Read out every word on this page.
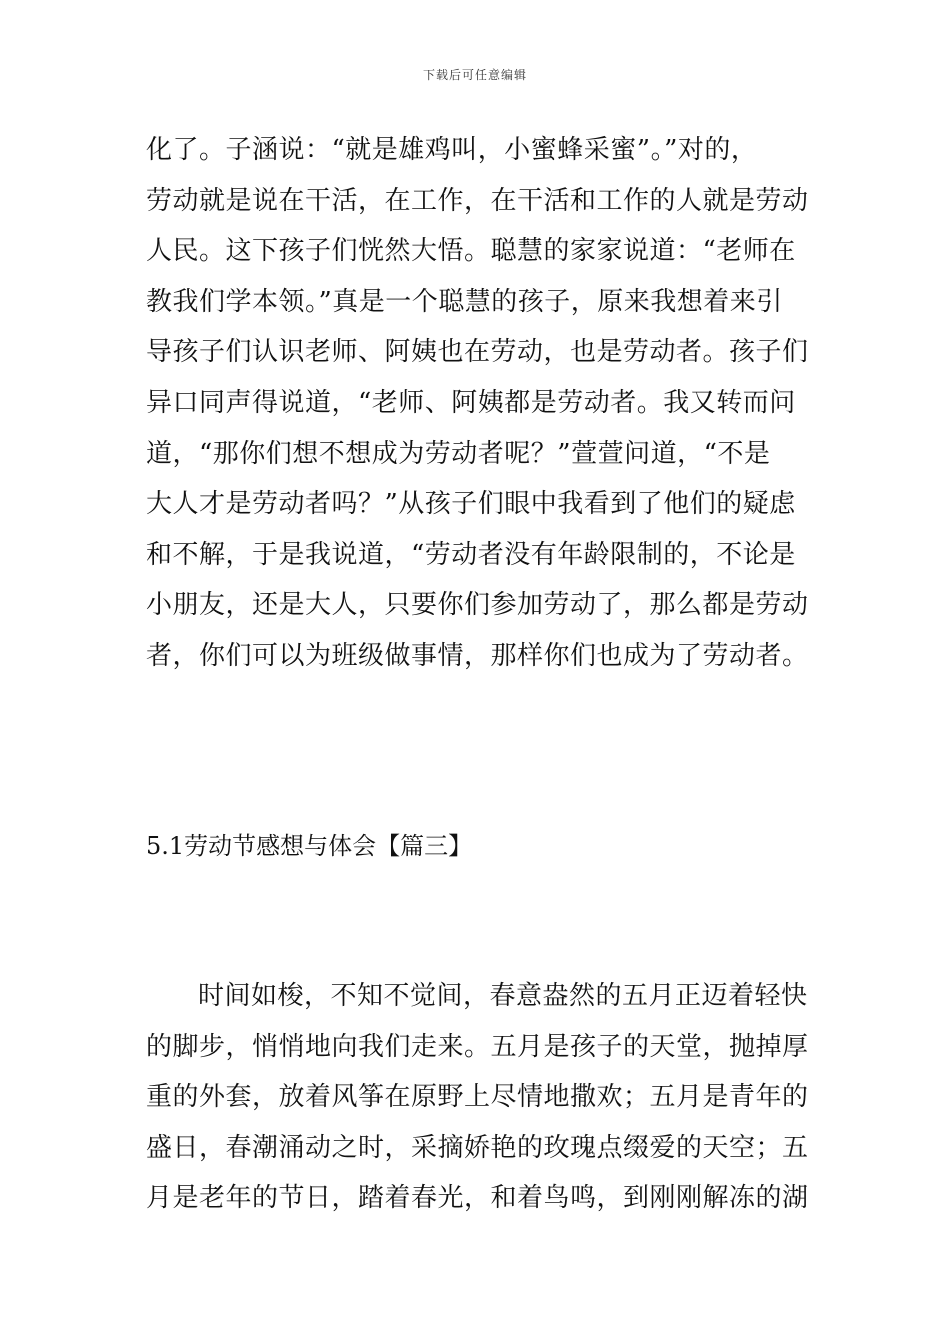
下载后可任意编辑
化了。子涵说：“就是雄鸡叫，小蜜蜂采蜜”。”对的，
劳动就是说在干活，在工作，在干活和工作的人就是劳动
人民。这下孩子们恍然大悟。聪慧的家家说道：“老师在
教我们学本领。”真是一个聪慧的孩子，原来我想着来引
导孩子们认识老师、阿姨也在劳动，也是劳动者。孩子们
异口同声得说道，“老师、阿姨都是劳动者。我又转而问
道，“那你们想不想成为劳动者呢？”萱萱问道，“不是
大人才是劳动者吗？”从孩子们眼中我看到了他们的疑虑
和不解，于是我说道，“劳动者没有年龄限制的，不论是
小朋友，还是大人，只要你们参加劳动了，那么都是劳动
者，你们可以为班级做事情，那样你们也成为了劳动者。
5.1劳动节感想与体会【篇三】
时间如梭，不知不觉间，春意盎然的五月正迈着轻快
的脚步，悄悄地向我们走来。五月是孩子的天堂，抛掉厚
重的外套，放着风筝在原野上尽情地撒欢；五月是青年的
盛日，春潮涌动之时，采摘娇艳的玫瑰点缀爱的天空；五
月是老年的节日，踏着春光，和着鸟鸣，到刚刚解冻的湖
